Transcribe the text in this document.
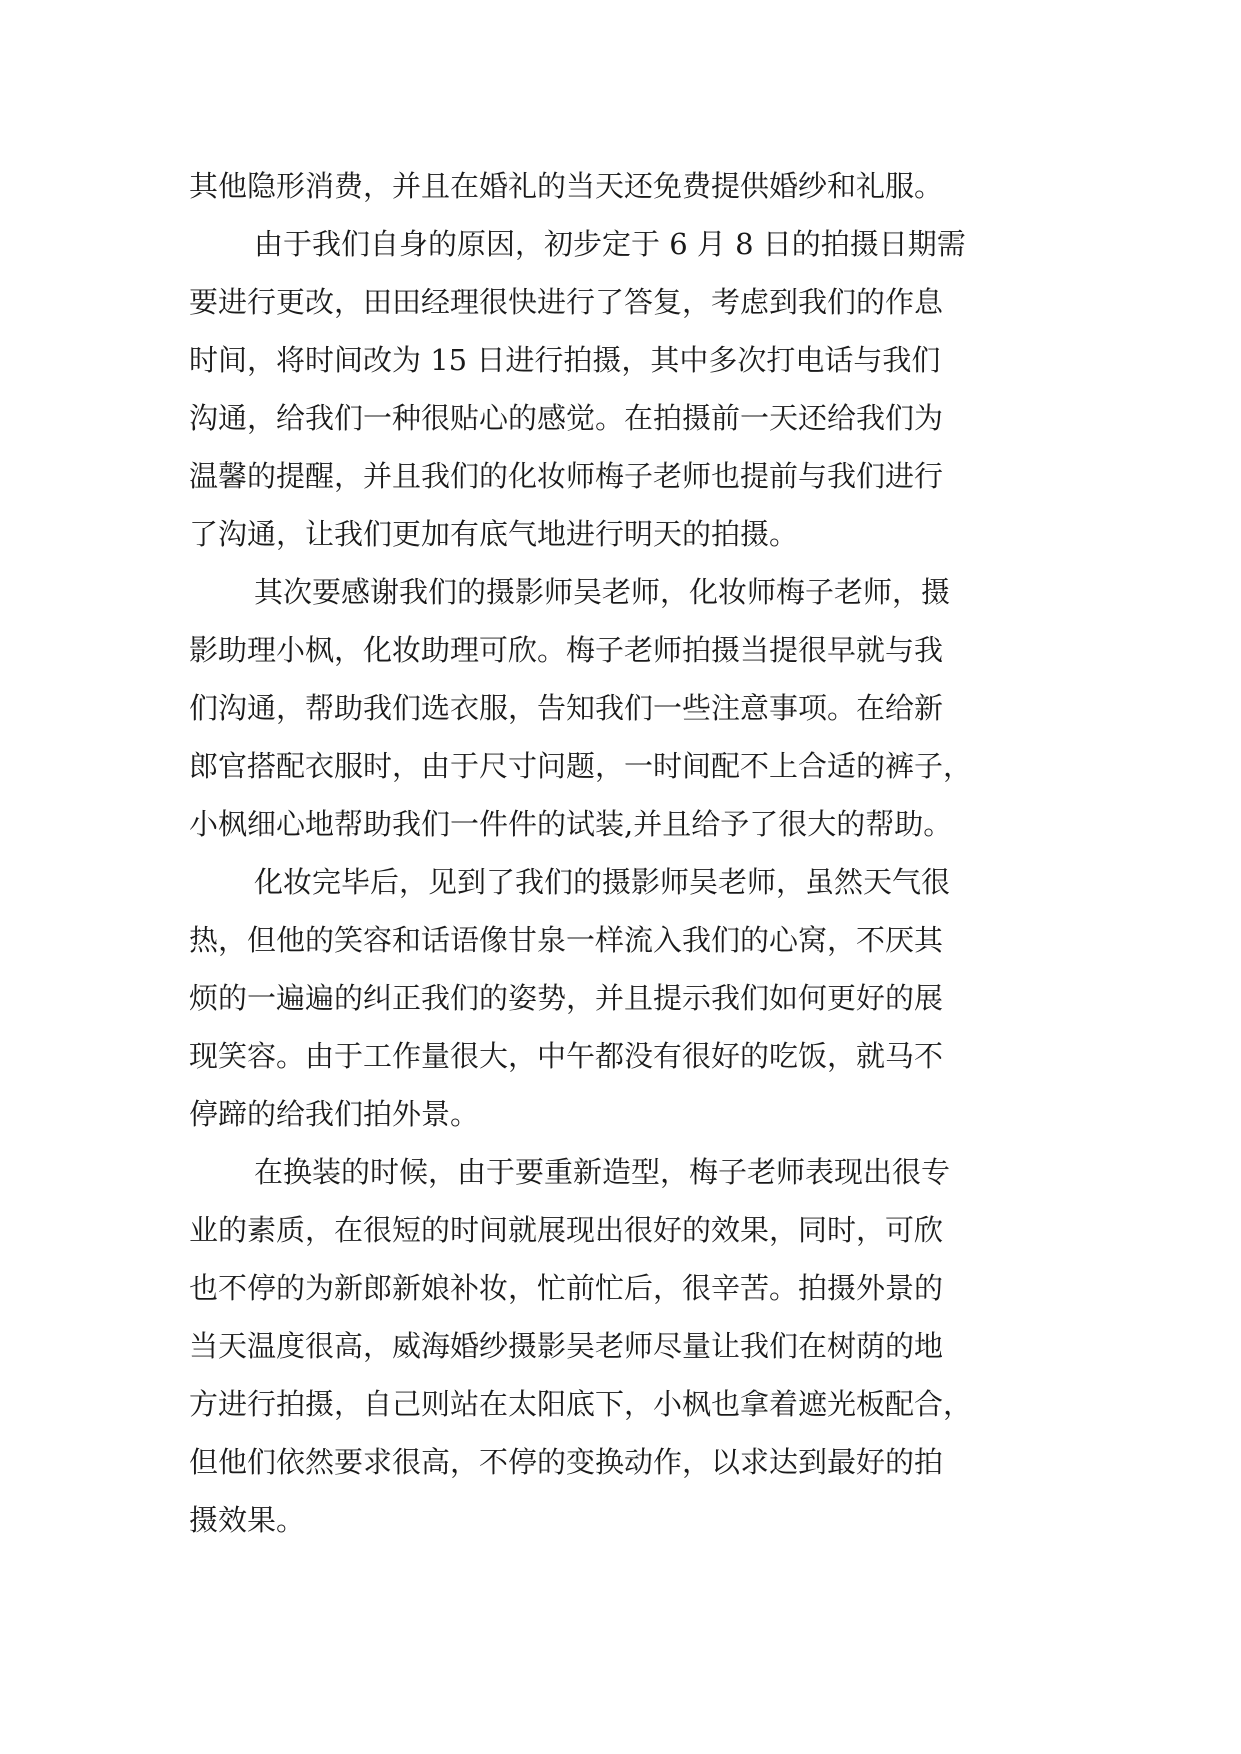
其他隐形消费，并且在婚礼的当天还免费提供婚纱和礼服。
由于我们自身的原因，初步定于 6 月 8 日的拍摄日期需
要进行更改，田田经理很快进行了答复，考虑到我们的作息
时间，将时间改为 15 日进行拍摄，其中多次打电话与我们
沟通，给我们一种很贴心的感觉。在拍摄前一天还给我们为
温馨的提醒，并且我们的化妆师梅子老师也提前与我们进行
了沟通，让我们更加有底气地进行明天的拍摄。
其次要感谢我们的摄影师吴老师，化妆师梅子老师，摄
影助理小枫，化妆助理可欣。梅子老师拍摄当提很早就与我
们沟通，帮助我们选衣服，告知我们一些注意事项。在给新
郎官搭配衣服时，由于尺寸问题，一时间配不上合适的裤子，
小枫细心地帮助我们一件件的试装,并且给予了很大的帮助。
化妆完毕后，见到了我们的摄影师吴老师，虽然天气很
热，但他的笑容和话语像甘泉一样流入我们的心窝，不厌其
烦的一遍遍的纠正我们的姿势，并且提示我们如何更好的展
现笑容。由于工作量很大，中午都没有很好的吃饭，就马不
停蹄的给我们拍外景。
在换装的时候，由于要重新造型，梅子老师表现出很专
业的素质，在很短的时间就展现出很好的效果，同时，可欣
也不停的为新郎新娘补妆，忙前忙后，很辛苦。拍摄外景的
当天温度很高，威海婚纱摄影吴老师尽量让我们在树荫的地
方进行拍摄，自己则站在太阳底下，小枫也拿着遮光板配合，
但他们依然要求很高，不停的变换动作，以求达到最好的拍
摄效果。
